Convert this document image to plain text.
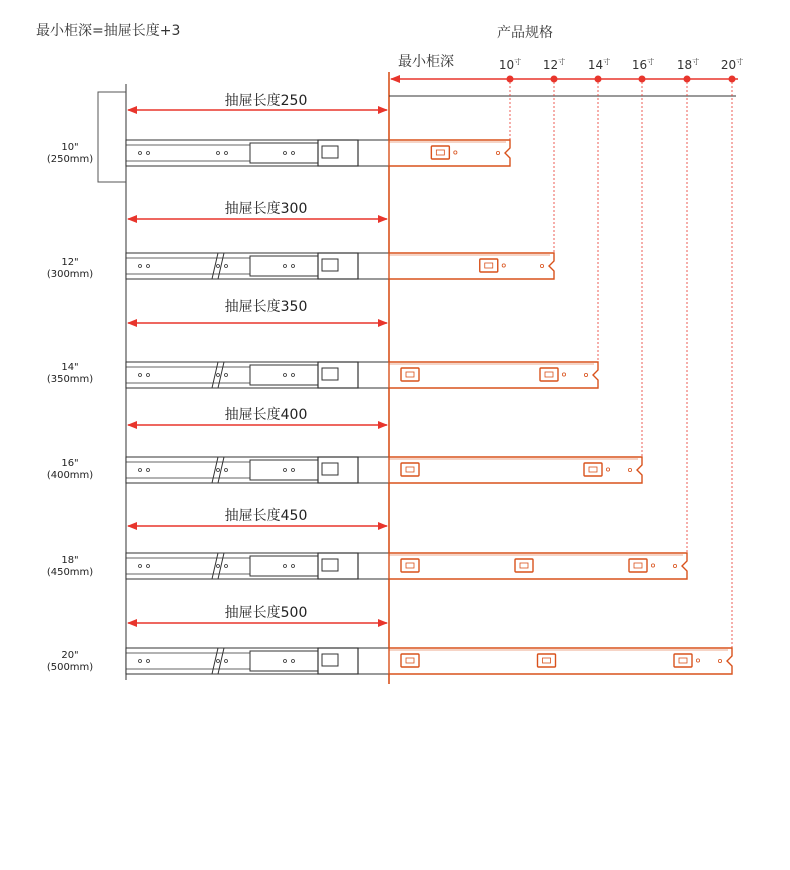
最小柜深=抽屉长度+3	产品规格
最小柜深	$10^寸$	$12^寸$	$14^寸$	$16^寸$	$18^寸$	$20^寸$
抽屉长度250
抽屉长度300
抽屉长度350
抽屉长度400
抽屉长度450
抽屉长度500
10"
(250mm)
12"
(300mm)
14"
(350mm)
16"
(400mm)
18"
(450mm)
20"
(500mm)
